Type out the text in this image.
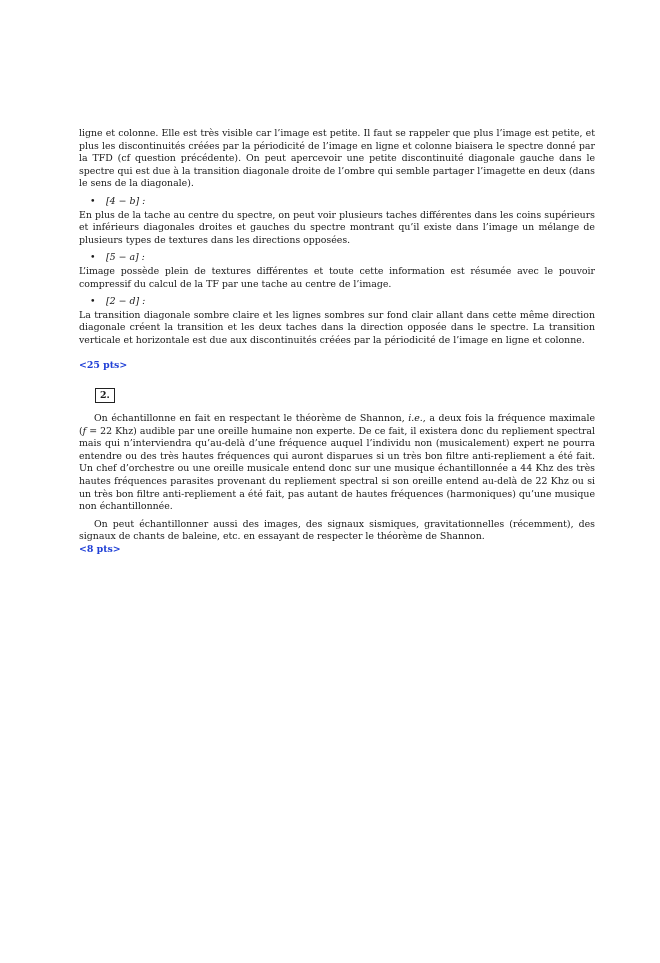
ligne et colonne. Elle est très visible car l’image est petite. Il faut se rappeler que plus l’image est petite, et plus les discontinuités créées par la périodicité de l’image en ligne et colonne biaisera le spectre donné par la TFD (cf question précédente). On peut apercevoir une petite discontinuité diagonale gauche dans le spectre qui est due à la transition diagonale droite de l’ombre qui semble partager l’imagette en deux (dans le sens de la diagonale).

• [4 − b] :

En plus de la tache au centre du spectre, on peut voir plusieurs taches différentes dans les coins supérieurs et inférieurs diagonales droites et gauches du spectre montrant qu’il existe dans l’image un mélange de plusieurs types de textures dans les directions opposées.

• [5 − a] :

L’image possède plein de textures différentes et toute cette information est résumée avec le pouvoir compressif du calcul de la TF par une tache au centre de l’image.

• [2 − d] :

La transition diagonale sombre claire et les lignes sombres sur fond clair allant dans cette même direction diagonale créent la transition et les deux taches dans la direction opposée dans le spectre. La transition verticale et horizontale est due aux discontinuités créées par la périodicité de l’image en ligne et colonne.

<25 pts>

2.

On échantillonne en fait en respectant le théorème de Shannon, i.e., a deux fois la fréquence maximale (f = 22 Khz) audible par une oreille humaine non experte. De ce fait, il existera donc du repliement spectral mais qui n’interviendra qu’au-delà d’une fréquence auquel l’individu non (musicalement) expert ne pourra entendre ou des très hautes fréquences qui auront disparues si un très bon filtre anti-repliement a été fait. Un chef d’orchestre ou une oreille musicale entend donc sur une musique échantillonnée a 44 Khz des très hautes fréquences parasites provenant du repliement spectral si son oreille entend au-delà de 22 Khz ou si un très bon filtre anti-repliement a été fait, pas autant de hautes fréquences (harmoniques) qu’une musique non échantillonnée.

On peut échantillonner aussi des images, des signaux sismiques, gravitationnelles (récemment), des signaux de chants de baleine, etc. en essayant de respecter le théorème de Shannon.

<8 pts>
